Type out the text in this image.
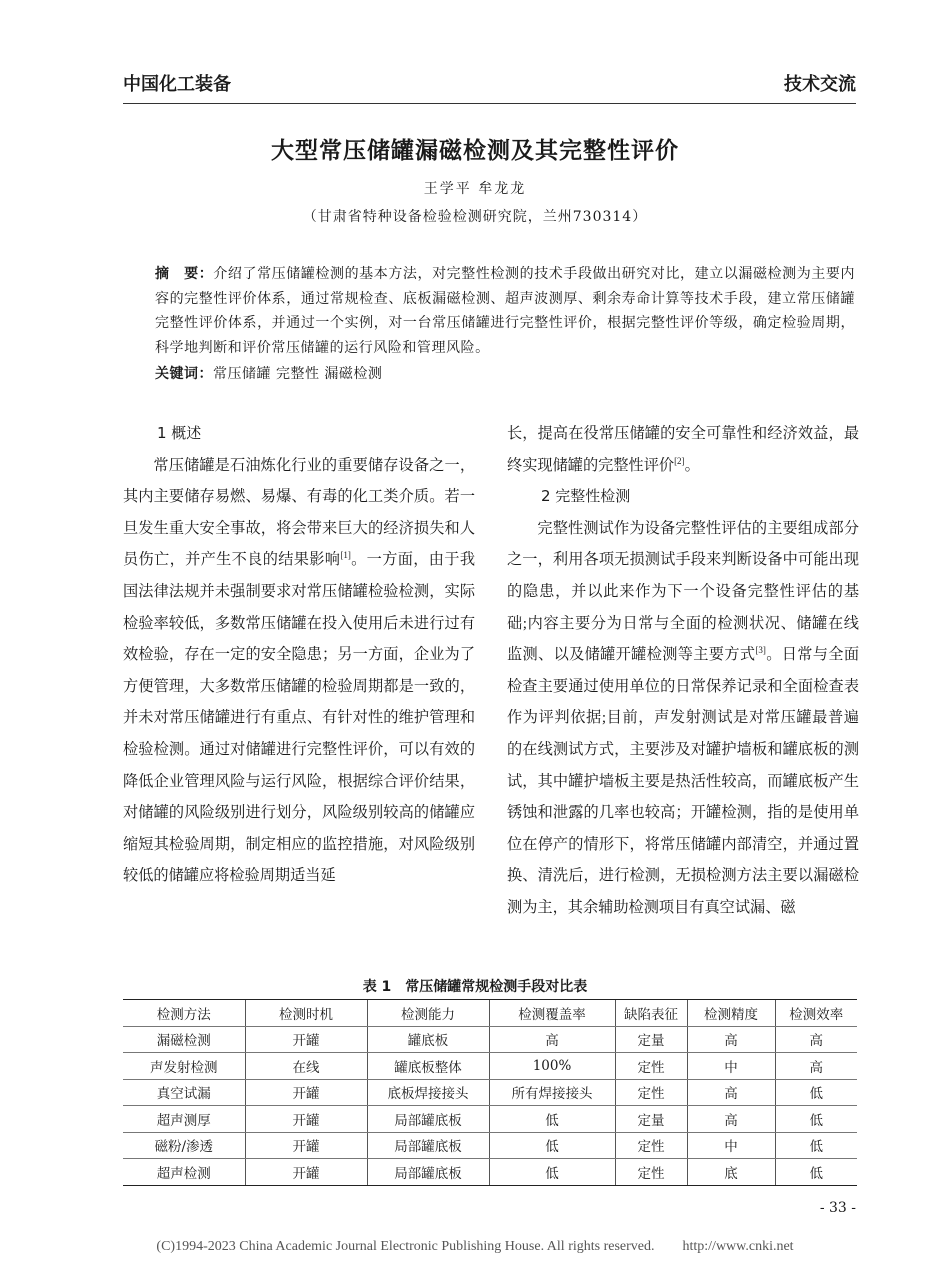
中国化工装备	技术交流
大型常压储罐漏磁检测及其完整性评价
王学平 牟龙龙
（甘肃省特种设备检验检测研究院，兰州730314）
摘　要：介绍了常压储罐检测的基本方法，对完整性检测的技术手段做出研究对比，建立以漏磁检测为主要内容的完整性评价体系，通过常规检查、底板漏磁检测、超声波测厚、剩余寿命计算等技术手段，建立常压储罐完整性评价体系，并通过一个实例，对一台常压储罐进行完整性评价，根据完整性评价等级，确定检验周期，科学地判断和评价常压储罐的运行风险和管理风险。
关键词：常压储罐 完整性 漏磁检测
1 概述

常压储罐是石油炼化行业的重要储存设备之一，其内主要储存易燃、易爆、有毒的化工类介质。若一旦发生重大安全事故，将会带来巨大的经济损失和人员伤亡，并产生不良的结果影响[1]。一方面，由于我国法律法规并未强制要求对常压储罐检验检测，实际检验率较低，多数常压储罐在投入使用后未进行过有效检验，存在一定的安全隐患；另一方面，企业为了方便管理，大多数常压储罐的检验周期都是一致的，并未对常压储罐进行有重点、有针对性的维护管理和检验检测。通过对储罐进行完整性评价，可以有效的降低企业管理风险与运行风险，根据综合评价结果，对储罐的风险级别进行划分，风险级别较高的储罐应缩短其检验周期，制定相应的监控措施，对风险级别较低的储罐应将检验周期适当延

长，提高在役常压储罐的安全可靠性和经济效益，最终实现储罐的完整性评价[2]。

2 完整性检测

完整性测试作为设备完整性评估的主要组成部分之一，利用各项无损测试手段来判断设备中可能出现的隐患，并以此来作为下一个设备完整性评估的基础;内容主要分为日常与全面的检测状况、储罐在线监测、以及储罐开罐检测等主要方式[3]。日常与全面检查主要通过使用单位的日常保养记录和全面检查表作为评判依据;目前，声发射测试是对常压罐最普遍的在线测试方式，主要涉及对罐护墙板和罐底板的测试，其中罐护墙板主要是热活性较高，而罐底板产生锈蚀和泄露的几率也较高；开罐检测，指的是使用单位在停产的情形下，将常压储罐内部清空，并通过置换、清洗后，进行检测，无损检测方法主要以漏磁检测为主，其余辅助检测项目有真空试漏、磁

表 1　常压储罐常规检测手段对比表
检测方法	检测时机	检测能力	检测覆盖率	缺陷表征	检测精度	检测效率
漏磁检测	开罐	罐底板	高	定量	高	高
声发射检测	在线	罐底板整体	100%	定性	中	高
真空试漏	开罐	底板焊接接头	所有焊接接头	定性	高	低
超声测厚	开罐	局部罐底板	低	定量	高	低
磁粉/渗透	开罐	局部罐底板	低	定性	中	低
超声检测	开罐	局部罐底板	低	定性	底	低
- 33 -
(C)1994-2023 China Academic Journal Electronic Publishing House. All rights reserved.　　http://www.cnki.net
